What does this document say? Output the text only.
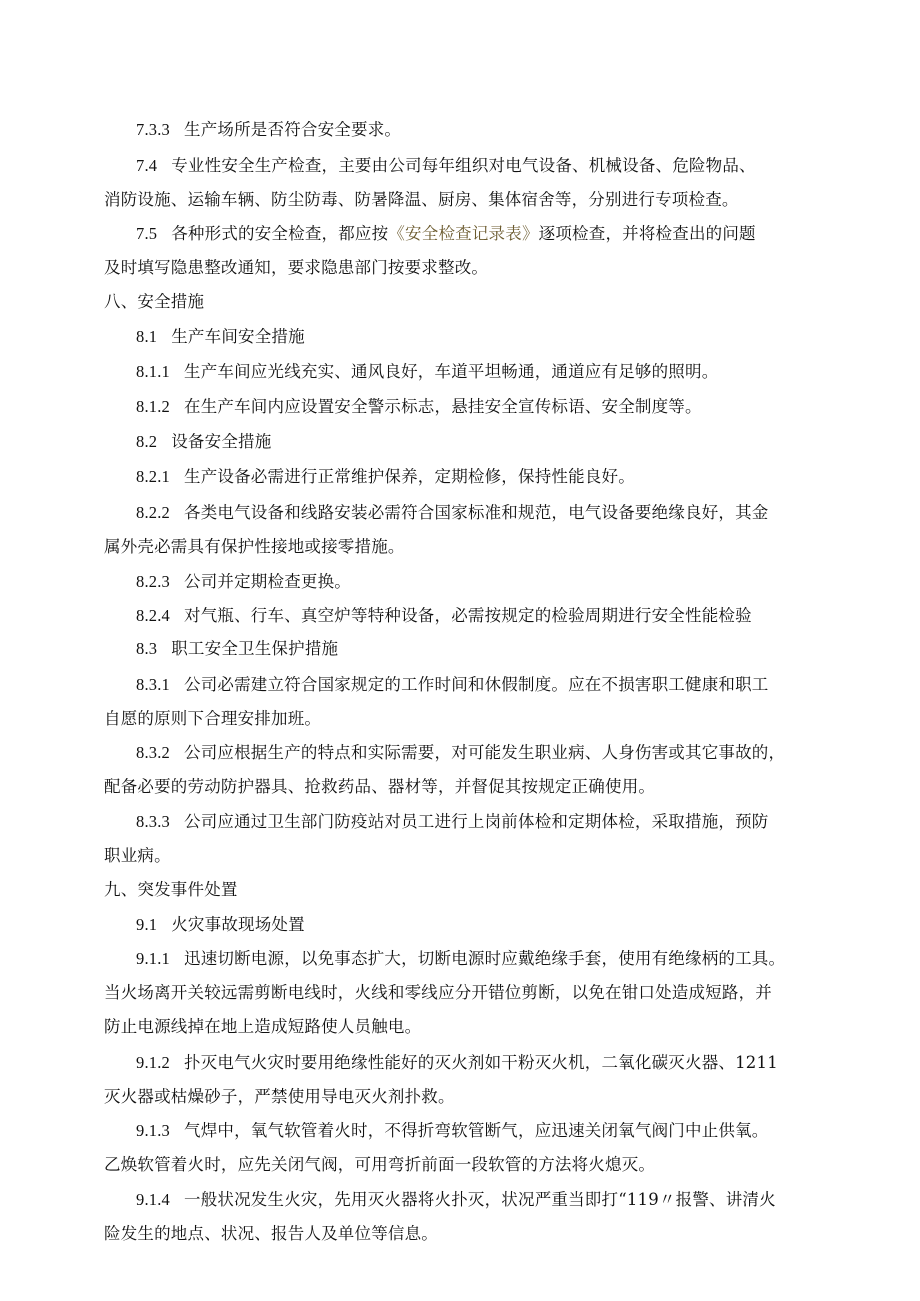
7.3.3 生产场所是否符合安全要求。
7.4 专业性安全生产检查，主要由公司每年组织对电气设备、机械设备、危险物品、
消防设施、运输车辆、防尘防毒、防暑降温、厨房、集体宿舍等，分别进行专项检查。
7.5 各种形式的安全检查，都应按《安全检查记录表》逐项检查，并将检查出的问题
及时填写隐患整改通知，要求隐患部门按要求整改。
八、安全措施
8.1 生产车间安全措施
8.1.1 生产车间应光线充实、通风良好，车道平坦畅通，通道应有足够的照明。
8.1.2 在生产车间内应设置安全警示标志，悬挂安全宣传标语、安全制度等。
8.2 设备安全措施
8.2.1 生产设备必需进行正常维护保养，定期检修，保持性能良好。
8.2.2 各类电气设备和线路安装必需符合国家标准和规范，电气设备要绝缘良好，其金
属外壳必需具有保护性接地或接零措施。
8.2.3 公司并定期检查更换。
8.2.4 对气瓶、行车、真空炉等特种设备，必需按规定的检验周期进行安全性能检验
8.3 职工安全卫生保护措施
8.3.1 公司必需建立符合国家规定的工作时间和休假制度。应在不损害职工健康和职工
自愿的原则下合理安排加班。
8.3.2 公司应根据生产的特点和实际需要，对可能发生职业病、人身伤害或其它事故的，
配备必要的劳动防护器具、抢救药品、器材等，并督促其按规定正确使用。
8.3.3 公司应通过卫生部门防疫站对员工进行上岗前体检和定期体检，采取措施，预防
职业病。
九、突发事件处置
9.1 火灾事故现场处置
9.1.1 迅速切断电源，以免事态扩大，切断电源时应戴绝缘手套，使用有绝缘柄的工具。
当火场离开关较远需剪断电线时，火线和零线应分开错位剪断，以免在钳口处造成短路，并
防止电源线掉在地上造成短路使人员触电。
9.1.2 扑灭电气火灾时要用绝缘性能好的灭火剂如干粉灭火机，二氧化碳灭火器、1211
灭火器或枯燥砂子，严禁使用导电灭火剂扑救。
9.1.3 气焊中，氧气软管着火时，不得折弯软管断气，应迅速关闭氧气阀门中止供氧。
乙焕软管着火时，应先关闭气阀，可用弯折前面一段软管的方法将火熄灭。
9.1.4 一般状况发生火灾，先用灭火器将火扑灭，状况严重当即打“119〃报警、讲清火
险发生的地点、状况、报告人及单位等信息。
